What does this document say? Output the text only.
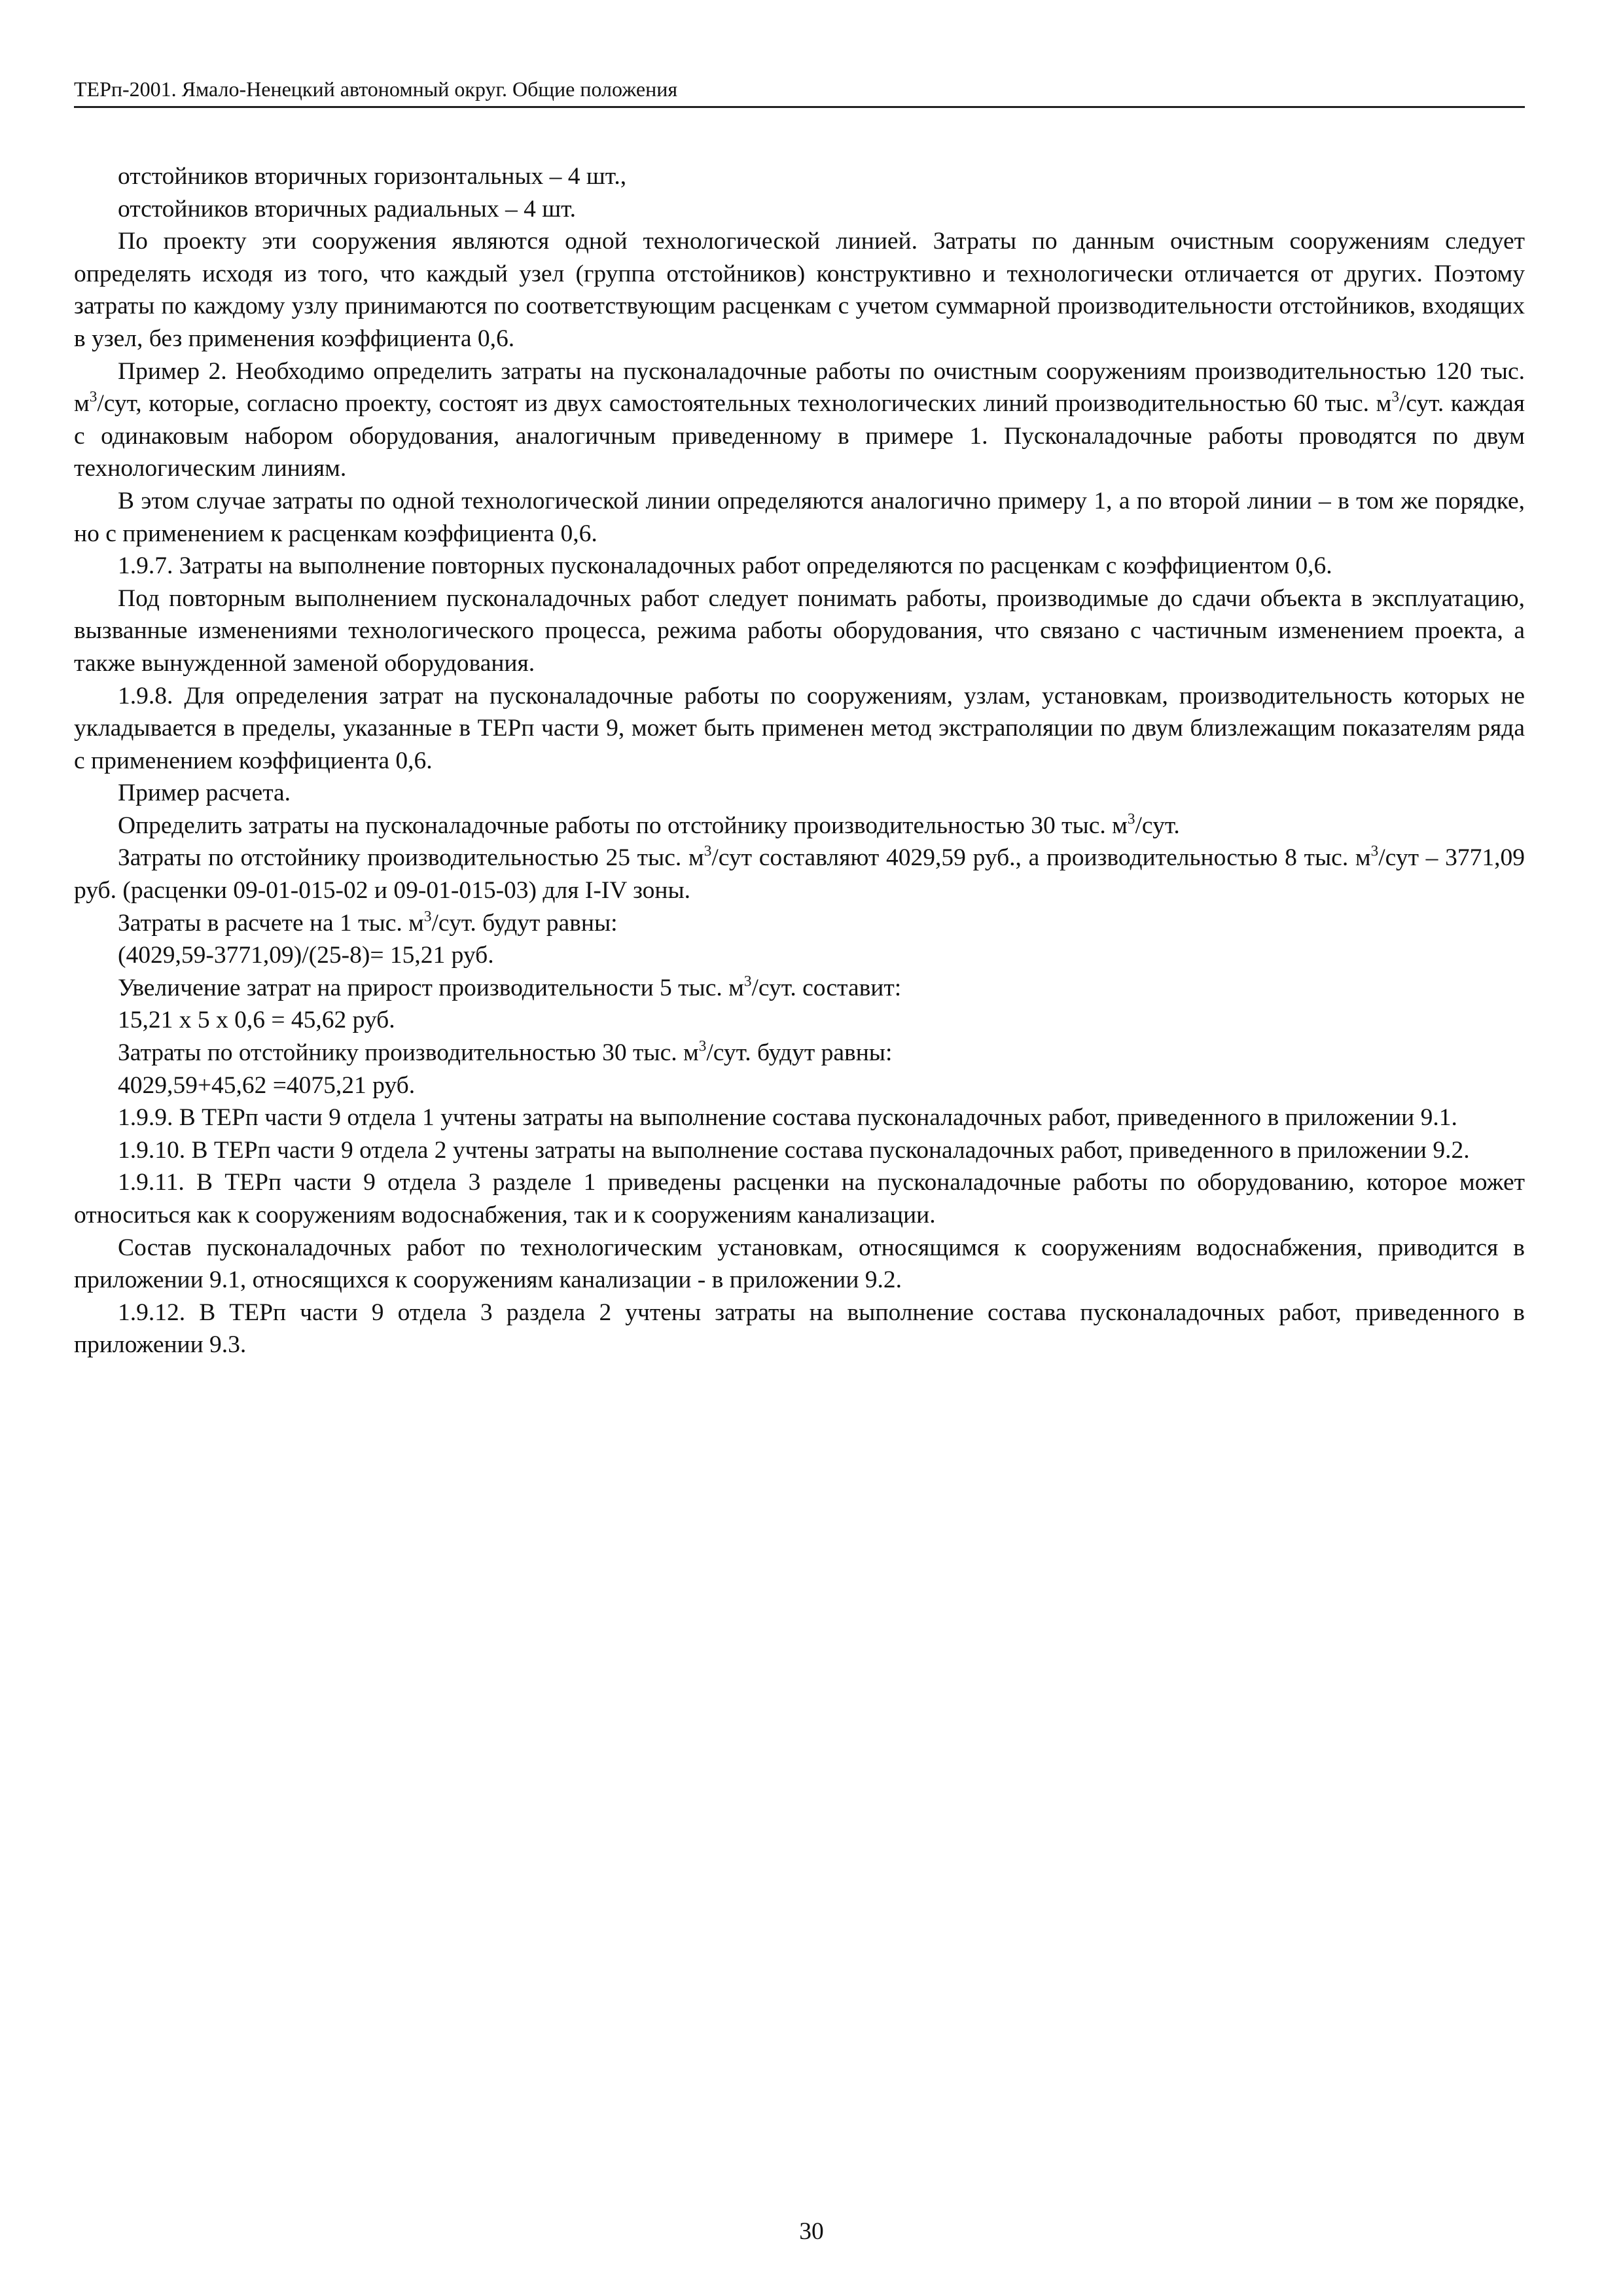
ТЕРп-2001. Ямало-Ненецкий автономный округ. Общие положения

отстойников вторичных горизонтальных – 4 шт.,

отстойников вторичных радиальных – 4 шт.

По проекту эти сооружения являются одной технологической линией. Затраты по данным очистным сооружениям следует определять исходя из того, что каждый узел (группа отстойников) конструктивно и технологически отличается от других. Поэтому затраты по каждому узлу принимаются по соответствующим расценкам с учетом суммарной производительности отстойников, входящих в узел, без применения коэффициента 0,6.

Пример 2. Необходимо определить затраты на пусконаладочные работы по очистным сооружениям производительностью 120 тыс. $м^3$/сут, которые, согласно проекту, состоят из двух самостоятельных технологических линий производительностью 60 тыс. $м^3$/сут. каждая с одинаковым набором оборудования, аналогичным приведенному в примере 1. Пусконаладочные работы проводятся по двум технологическим линиям.

В этом случае затраты по одной технологической линии определяются аналогично примеру 1, а по второй линии – в том же порядке, но с применением к расценкам коэффициента 0,6.

1.9.7. Затраты на выполнение повторных пусконаладочных работ определяются по расценкам с коэффициентом 0,6.

Под повторным выполнением пусконаладочных работ следует понимать работы, производимые до сдачи объекта в эксплуатацию, вызванные изменениями технологического процесса, режима работы оборудования, что связано с частичным изменением проекта, а также вынужденной заменой оборудования.

1.9.8. Для определения затрат на пусконаладочные работы по сооружениям, узлам, установкам, производительность которых не укладывается в пределы, указанные в ТЕРп части 9, может быть применен метод экстраполяции по двум близлежащим показателям ряда с применением коэффициента 0,6.

Пример расчета.

Определить затраты на пусконаладочные работы по отстойнику производительностью 30 тыс. $м^3$/сут.

Затраты по отстойнику производительностью 25 тыс. $м^3$/сут составляют 4029,59 руб., а производительностью 8 тыс. $м^3$/сут – 3771,09 руб. (расценки 09-01-015-02 и 09-01-015-03) для I-IV зоны.

Затраты в расчете на 1 тыс. $м^3$/сут. будут равны:

(4029,59-3771,09)/(25-8)= 15,21 руб.

Увеличение затрат на прирост производительности 5 тыс. $м^3$/сут. составит:

15,21 х 5 х 0,6 = 45,62 руб.

Затраты по отстойнику производительностью 30 тыс. $м^3$/сут. будут равны:

4029,59+45,62 =4075,21 руб.

1.9.9. В ТЕРп части 9 отдела 1 учтены затраты на выполнение состава пусконаладочных работ, приведенного в приложении 9.1.

1.9.10. В ТЕРп части 9 отдела 2 учтены затраты на выполнение состава пусконаладочных работ, приведенного в приложении 9.2.

1.9.11. В ТЕРп части 9 отдела 3 разделе 1 приведены расценки на пусконаладочные работы по оборудованию, которое может относиться как к сооружениям водоснабжения, так и к сооружениям канализации.

Состав пусконаладочных работ по технологическим установкам, относящимся к сооружениям водоснабжения, приводится в приложении 9.1, относящихся к сооружениям канализации - в приложении 9.2.

1.9.12. В ТЕРп части 9 отдела 3 раздела 2 учтены затраты на выполнение состава пусконаладочных работ, приведенного в приложении 9.3.

30
